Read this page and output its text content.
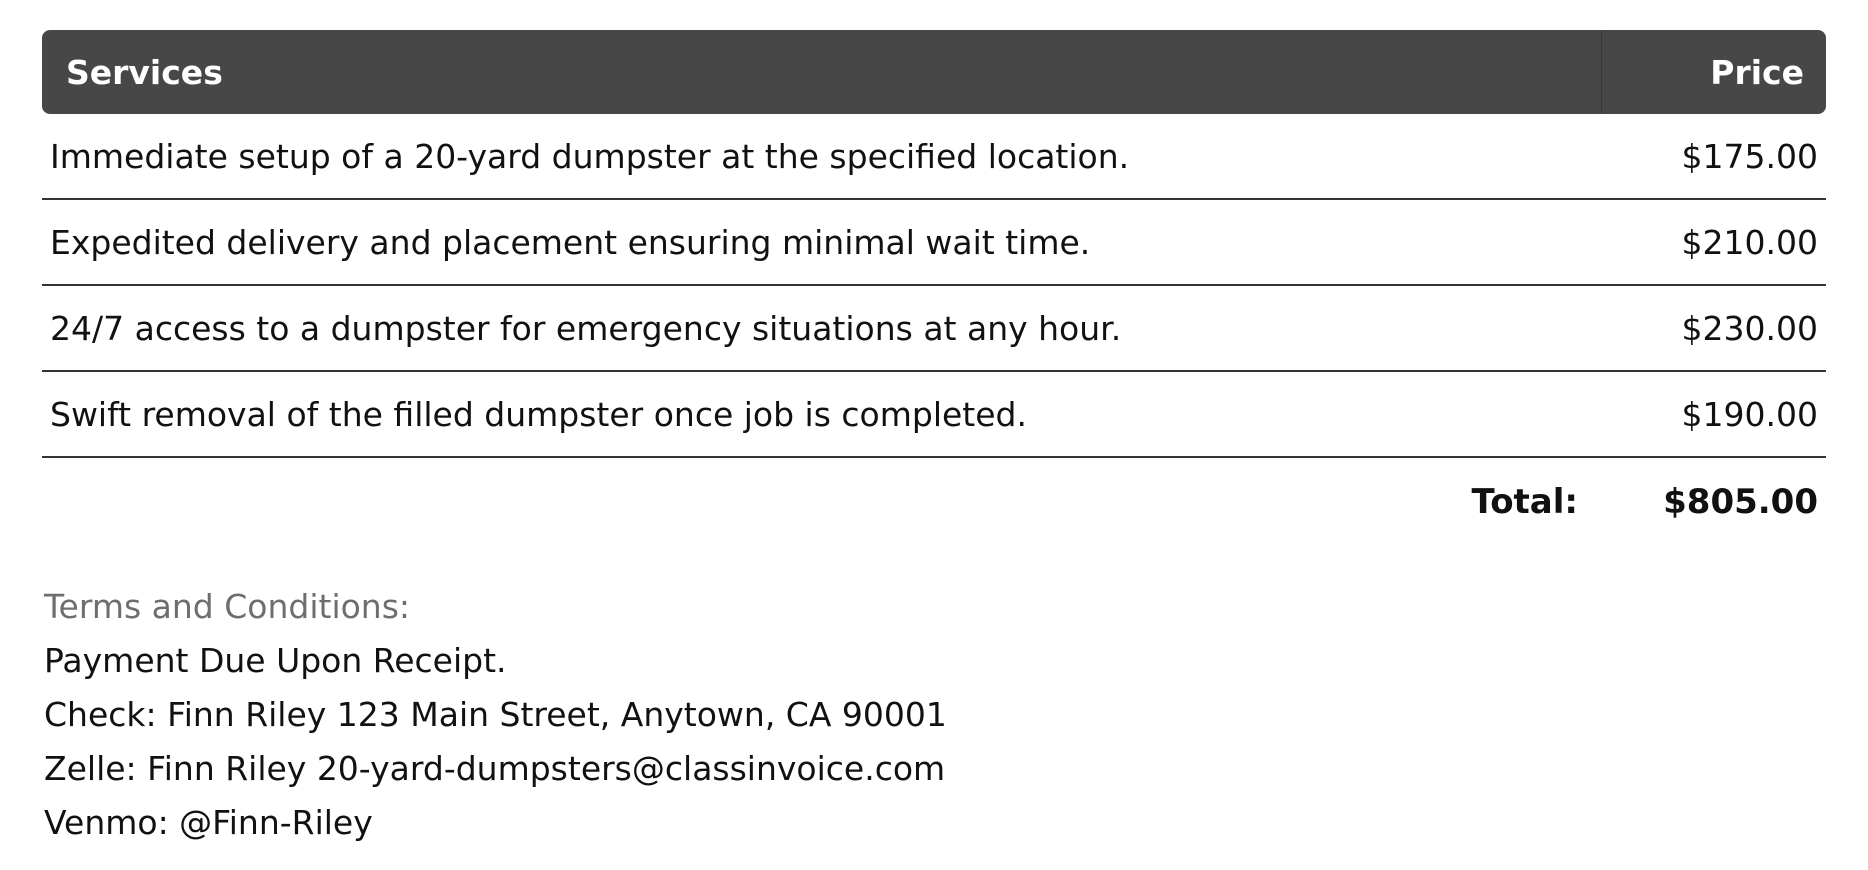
Services	Price
Immediate setup of a 20-yard dumpster at the specified location.	$175.00
Expedited delivery and placement ensuring minimal wait time.	$210.00
24/7 access to a dumpster for emergency situations at any hour.	$230.00
Swift removal of the filled dumpster once job is completed.	$190.00
Total:	$805.00
Terms and Conditions:
Payment Due Upon Receipt.
Check: Finn Riley 123 Main Street, Anytown, CA 90001
Zelle: Finn Riley 20-yard-dumpsters@classinvoice.com
Venmo: @Finn-Riley
